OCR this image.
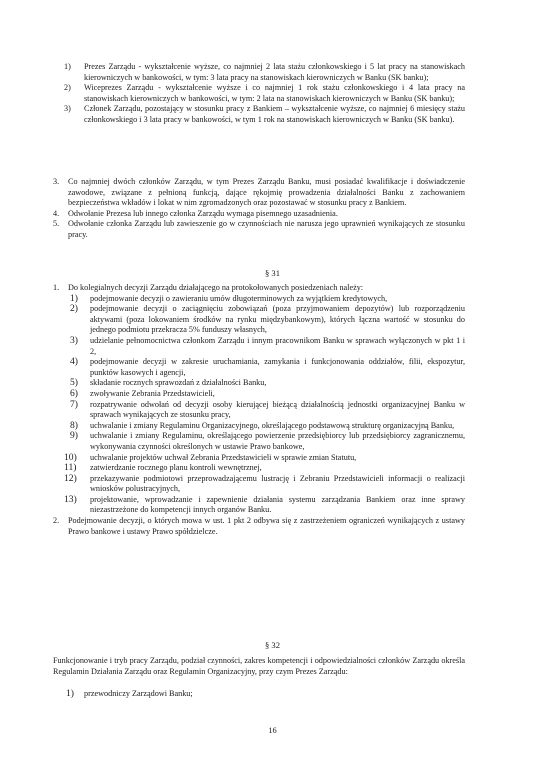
1) Prezes Zarządu - wykształcenie wyższe, co najmniej 2 lata stażu członkowskiego i 5 lat pracy na stanowiskach kierowniczych w bankowości, w tym: 3 lata pracy na stanowiskach kierowniczych w Banku (SK banku);
2) Wiceprezes Zarządu - wykształcenie wyższe i co najmniej 1 rok stażu członkowskiego i 4 lata pracy na stanowiskach kierowniczych w bankowości, w tym: 2 lata na stanowiskach kierowniczych w Banku (SK banku);
3) Członek Zarządu, pozostający w stosunku pracy z Bankiem – wykształcenie wyższe, co najmniej 6 miesięcy stażu członkowskiego i 3 lata pracy w bankowości, w tym 1 rok na stanowiskach kierowniczych w Banku (SK banku).
3. Co najmniej dwóch członków Zarządu, w tym Prezes Zarządu Banku, musi posiadać kwalifikacje i doświadczenie zawodowe, związane z pełnioną funkcją, dające rękojmię prowadzenia działalności Banku z zachowaniem bezpieczeństwa wkładów i lokat w nim zgromadzonych oraz pozostawać w stosunku pracy z Bankiem.
4. Odwołanie Prezesa lub innego członka Zarządu wymaga pisemnego uzasadnienia.
5. Odwołanie członka Zarządu lub zawieszenie go w czynnościach nie narusza jego uprawnień wynikających ze stosunku pracy.
§ 31
1. Do kolegialnych decyzji Zarządu działającego na protokołowanych posiedzeniach należy:
1) podejmowanie decyzji o zawieraniu umów długoterminowych za wyjątkiem kredytowych,
2) podejmowanie decyzji o zaciągnięciu zobowiązań (poza przyjmowaniem depozytów) lub rozporządzeniu aktywami (poza lokowaniem środków na rynku międzybankowym), których łączna wartość w stosunku do jednego podmiotu przekracza 5% funduszy własnych,
3) udzielanie pełnomocnictwa członkom Zarządu i innym pracownikom Banku w sprawach wyłączonych w pkt 1 i 2,
4) podejmowanie decyzji w zakresie uruchamiania, zamykania i funkcjonowania oddziałów, filii, ekspozytur, punktów kasowych i agencji,
5) składanie rocznych sprawozdań z działalności Banku,
6) zwoływanie Zebrania Przedstawicieli,
7) rozpatrywanie odwołań od decyzji osoby kierującej bieżącą działalnością jednostki organizacyjnej Banku w sprawach wynikających ze stosunku pracy,
8) uchwalanie i zmiany Regulaminu Organizacyjnego, określającego podstawową strukturę organizacyjną Banku,
9) uchwalanie i zmiany Regulaminu, określającego powierzenie przedsiębiorcy lub przedsiębiorcy zagranicznemu, wykonywania czynności określonych w ustawie Prawo bankowe,
10) uchwalanie projektów uchwał Zebrania Przedstawicieli w sprawie zmian Statutu,
11) zatwierdzanie rocznego planu kontroli wewnętrznej,
12) przekazywanie podmiotowi przeprowadzającemu lustrację i Zebraniu Przedstawicieli informacji o realizacji wniosków polustracyjnych,
13) projektowanie, wprowadzanie i zapewnienie działania systemu zarządzania Bankiem oraz inne sprawy niezastrzeżone do kompetencji innych organów Banku.
2. Podejmowanie decyzji, o których mowa w ust. 1 pkt 2 odbywa się z zastrzeżeniem ograniczeń wynikających z ustawy Prawo bankowe i ustawy Prawo spółdzielcze.
§ 32
Funkcjonowanie i tryb pracy Zarządu, podział czynności, zakres kompetencji i odpowiedzialności członków Zarządu określa Regulamin Działania Zarządu oraz Regulamin Organizacyjny, przy czym Prezes Zarządu:
1) przewodniczy Zarządowi Banku;
16
